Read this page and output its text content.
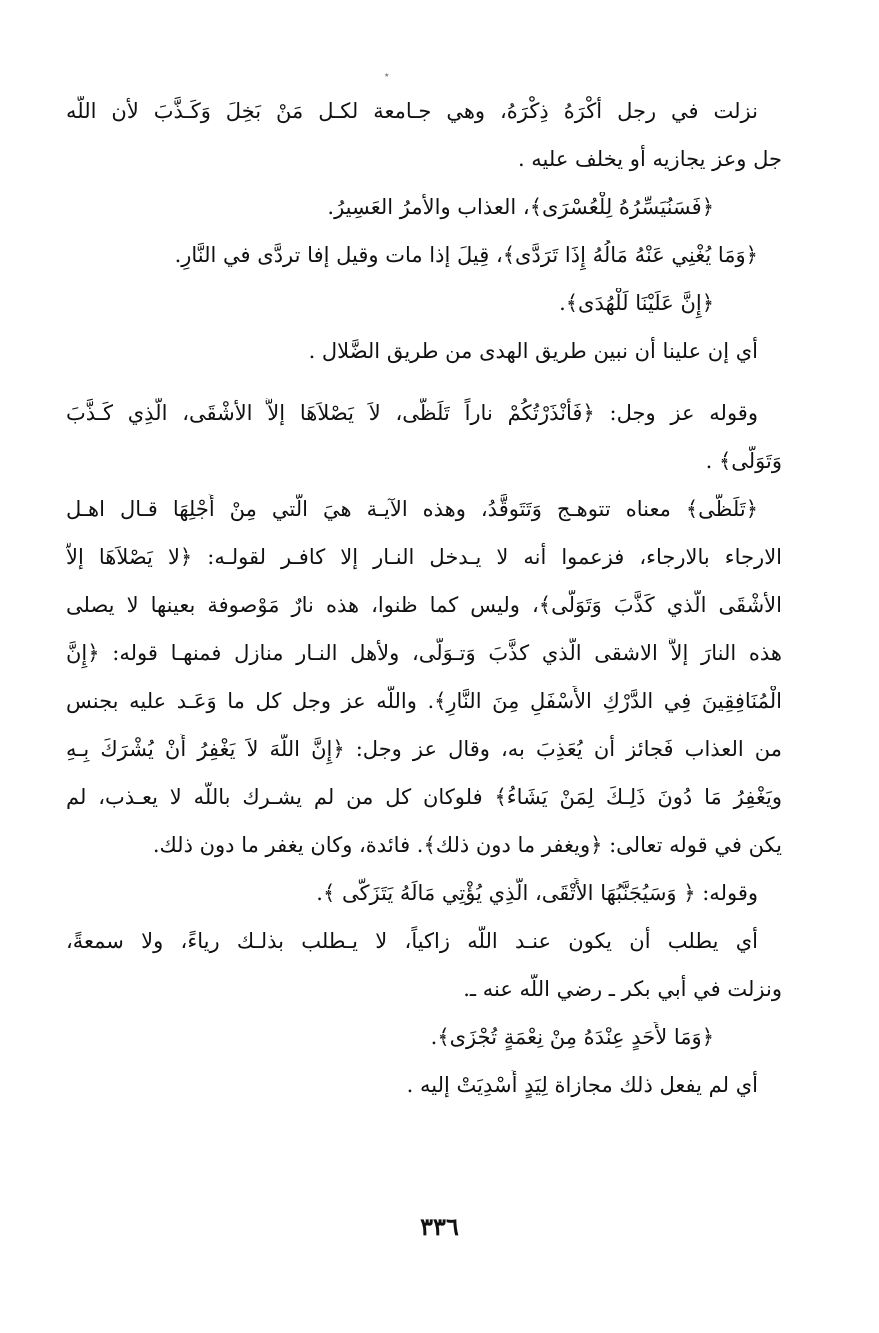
٭
نزلت في رجل أكْرَهُ ذِكْرَهُ، وهي جـامعة لكـل مَنْ بَخِلَ وَكَـذَّبَ لأن اللّه
جل وعز يجازيه أو يخلف عليه .
﴿فَسَنُيَسِّرُهُ لِلْعُسْرَى﴾، العذاب والأمرُ العَسِيرُ.
﴿وَمَا يُغْنِي عَنْهُ مَالُهُ إِذَا تَرَدَّى﴾، قِيلَ إذا مات وقيل إفا تردَّى في النَّارِ.
﴿إِنَّ عَلَيْنَا لَلْهُدَى﴾.
أي إن علينا أن نبين طريق الهدى من طريق الضَّلال .
وقوله عز وجل: ﴿فَأَنْذَرْتُكُمْ ناراً تَلَظَّى، لاَ يَصْلاَهَا إلاَّ الأشْقَى، الَّذِي كَـذَّبَ
وَتَوَلَّى﴾ .
﴿تَلَظَّى﴾ معناه تتوهـج وَتَتَوقَّدُ، وهذه الآيـة هيَ الَّتي مِنْ أَجْلِهَا قـال اهـل
الارجاء بالارجاء، فزعموا أنه لا يـدخل النـار إلا كافـر لقولـه: ﴿لا يَصْلاَهَا إلاَّ
الأشْقَى الَّذي كَذَّبَ وَتَوَلَّى﴾، وليس كما ظنوا، هذه نارٌ مَوْصوفة بعينها لا يصلى
هذه النارَ إلاَّ الاشقى الَّذي كذَّبَ وَتـوَلَّى، ولأهل النـار منازل فمنهـا قوله: ﴿إِنَّ
الْمُنَافِقِينَ فِي الدَّرْكِ الأَسْفَلِ مِنَ النَّارِ﴾. واللّه عز وجل كل ما وَعَـد عليه بجنس
من العذاب فَجائز أن يُعَذِبَ به، وقال عز وجل: ﴿إِنَّ اللّهَ لاَ يَغْفِرُ أَنْ يُشْرَكَ بِـهِ
ويَغْفِرُ مَا دُونَ ذَلِـكَ لِمَنْ يَشَاءُ﴾ فلوكان كل من لم يشـرك باللّه لا يعـذب، لم
يكن في قوله تعالى: ﴿ويغفر ما دون ذلك﴾. فائدة، وكان يغفر ما دون ذلك.
وقوله: ﴿ وَسَيُجَنَّبُهَا الأَتْقَى، الَّذِي يُؤْتِي مَالَهُ يَتَزَكَّى ﴾.
أي يطلب أن يكون عنـد اللّه زاكياً، لا يـطلب بذلـك رياءً، ولا سمعةً،
ونزلت في أبي بكر ـ رضي اللّه عنه ـ.
﴿وَمَا لأَحَدٍ عِنْدَهُ مِنْ نِعْمَةٍ تُجْزَى﴾.
أي لم يفعل ذلك مجازاة لِيَدٍ أُسْدِيَتْ إليه .
٣٣٦
